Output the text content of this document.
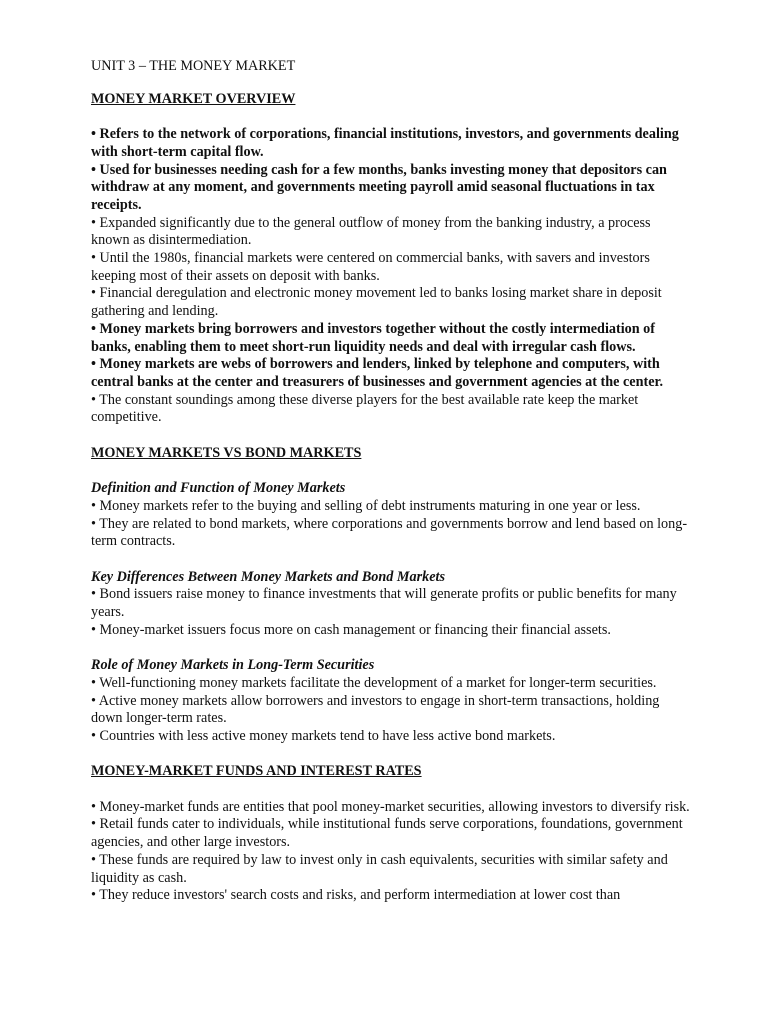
UNIT 3 – THE MONEY MARKET
MONEY MARKET OVERVIEW
• Refers to the network of corporations, financial institutions, investors, and governments dealing with short-term capital flow.
• Used for businesses needing cash for a few months, banks investing money that depositors can withdraw at any moment, and governments meeting payroll amid seasonal fluctuations in tax receipts.
• Expanded significantly due to the general outflow of money from the banking industry, a process known as disintermediation.
• Until the 1980s, financial markets were centered on commercial banks, with savers and investors keeping most of their assets on deposit with banks.
• Financial deregulation and electronic money movement led to banks losing market share in deposit gathering and lending.
• Money markets bring borrowers and investors together without the costly intermediation of banks, enabling them to meet short-run liquidity needs and deal with irregular cash flows.
• Money markets are webs of borrowers and lenders, linked by telephone and computers, with central banks at the center and treasurers of businesses and government agencies at the center.
• The constant soundings among these diverse players for the best available rate keep the market competitive.
MONEY MARKETS VS BOND MARKETS
Definition and Function of Money Markets
• Money markets refer to the buying and selling of debt instruments maturing in one year or less.
• They are related to bond markets, where corporations and governments borrow and lend based on long-term contracts.
Key Differences Between Money Markets and Bond Markets
• Bond issuers raise money to finance investments that will generate profits or public benefits for many years.
• Money-market issuers focus more on cash management or financing their financial assets.
Role of Money Markets in Long-Term Securities
• Well-functioning money markets facilitate the development of a market for longer-term securities.
• Active money markets allow borrowers and investors to engage in short-term transactions, holding down longer-term rates.
• Countries with less active money markets tend to have less active bond markets.
MONEY-MARKET FUNDS AND INTEREST RATES
• Money-market funds are entities that pool money-market securities, allowing investors to diversify risk.
• Retail funds cater to individuals, while institutional funds serve corporations, foundations, government agencies, and other large investors.
• These funds are required by law to invest only in cash equivalents, securities with similar safety and liquidity as cash.
• They reduce investors' search costs and risks, and perform intermediation at lower cost than
